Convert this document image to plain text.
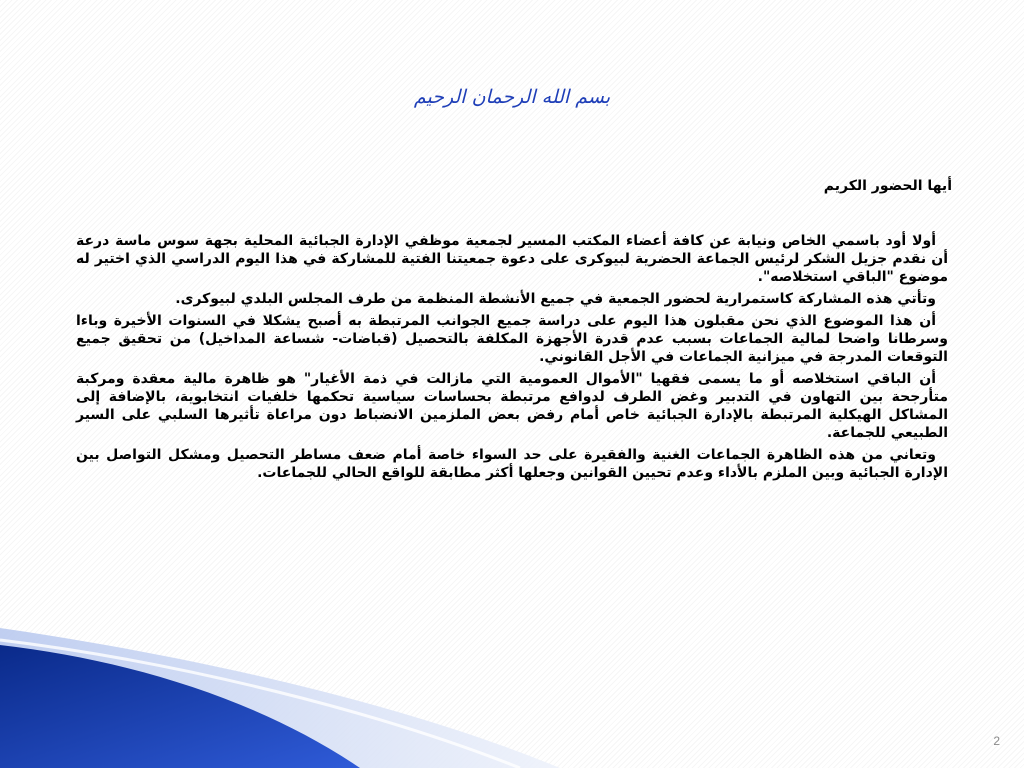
بسم الله الرحمان الرحيم
أيها الحضور الكريم

أولا أود باسمي الخاص ونيابة عن كافة أعضاء المكتب المسير لجمعية موظفي الإدارة الجبائية المحلية بجهة سوس ماسة درعة أن نقدم جزيل الشكر لرئيس الجماعة الحضرية لبيوكرى على دعوة جمعيتنا الفتية للمشاركة في هذا اليوم الدراسي الذي اختير له موضوع "الباقي استخلاصه".

وتأتي هذه المشاركة كاستمرارية لحضور الجمعية في جميع الأنشطة المنظمة من طرف المجلس البلدي لبيوكرى.

أن هذا الموضوع الذي نحن مقبلون هذا اليوم على دراسة جميع الجوانب المرتبطة به أصبح يشكلا في السنوات الأخيرة وباءا وسرطانا واضحا لمالية الجماعات بسبب عدم قدرة الأجهزة المكلفة بالتحصيل (قباضات- شساعة المداخيل) من تحقيق جميع التوقعات المدرجة في ميزانية الجماعات في الأجل القانوني.

أن الباقي استخلاصه أو ما يسمى فقهيا "الأموال العمومية التي مازالت في ذمة الأغيار" هو ظاهرة مالية معقدة ومركبة متأرجحة بين التهاون في التدبير وغض الطرف لدوافع مرتبطة بحساسات سياسية تحكمها خلفيات انتخابوية، بالإضافة إلى المشاكل الهيكلية المرتبطة بالإدارة الجبائية خاص أمام رفض بعض الملزمين الانضباط دون مراعاة تأثيرها السلبي على السير الطبيعي للجماعة.

وتعاني من هذه الظاهرة الجماعات الغنية والفقيرة على حد السواء خاصة أمام ضعف مساطر التحصيل ومشكل التواصل بين الإدارة الجبائية وبين الملزم بالأداء وعدم تحيين القوانين وجعلها أكثر مطابقة للواقع الحالي للجماعات.

2
